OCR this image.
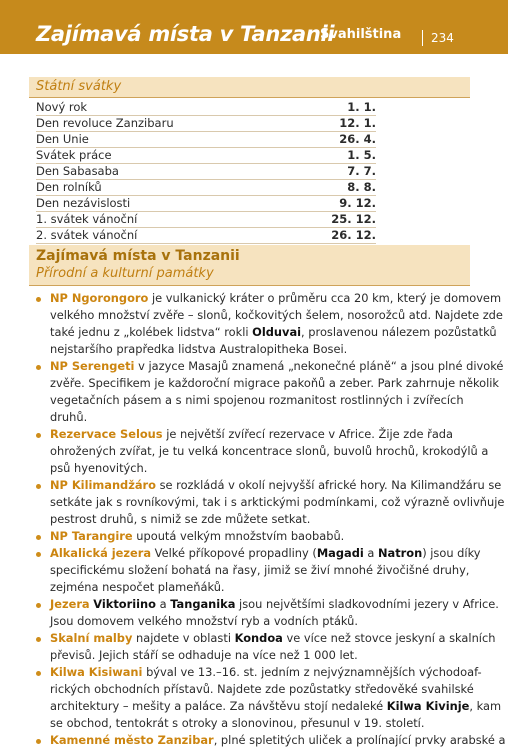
Zajímavá místa v Tanzanii
Svahilština 234
Státní svátky
Nový rok	1. 1.
Den revoluce Zanzibaru	12. 1.
Den Unie	26. 4.
Svátek práce	1. 5.
Den Sabasaba	7. 7.
Den rolníků	8. 8.
Den nezávislosti	9. 12.
1. svátek vánoční	25. 12.
2. svátek vánoční	26. 12.
Zajímavá místa v Tanzanii
Přírodní a kulturní památky
NP Ngorongoro je vulkanický kráter o průměru cca 20 km, který je domovem
velkého množství zvěře – slonů, kočkovitých šelem, nosorožců atd. Najdete zde
také jednu z „kolébek lidstva“ rokli Olduvai, proslavenou nálezem pozůstatků
nejstaršího prapředka lidstva Australopitheka Bosei.
NP Serengeti v jazyce Masajů znamená „nekonečné pláně“ a jsou plné divoké
zvěře. Specifikem je každoroční migrace pakoňů a zeber. Park zahrnuje několik
vegetačních pásem a s nimi spojenou rozmanitost rostlinných i zvířecích
druhů.
Rezervace Selous je největší zvířecí rezervace v Africe. Žije zde řada
ohrožených zvířat, je tu velká koncentrace slonů, buvolů hrochů, krokodýlů a
psů hyenovitých.
NP Kilimandžáro se rozkládá v okolí nejvyšší africké hory. Na Kilimandžáru se
setkáte jak s rovníkovými, tak i s arktickými podmínkami, což výrazně ovlivňuje
pestrost druhů, s nimiž se zde můžete setkat.
NP Tarangire upoutá velkým množstvím baobabů.
Alkalická jezera Velké příkopové propadliny (Magadi a Natron) jsou díky
specifickému složení bohatá na řasy, jimiž se živí mnohé živočišné druhy,
zejména nespočet plameňáků.
Jezera Viktoriino a Tanganika jsou největšími sladkovodními jezery v Africe.
Jsou domovem velkého množství ryb a vodních ptáků.
Skalní malby najdete v oblasti Kondoa ve více než stovce jeskyní a skalních
převisů. Jejich stáří se odhaduje na více než 1 000 let.
Kilwa Kisiwani býval ve 13.–16. st. jedním z nejvýznamnějších východoaf-
rických obchodních přístavů. Najdete zde pozůstatky středověké svahilské
architektury – mešity a paláce. Za návštěvu stojí nedaleké Kilwa Kivinje, kam
se obchod, tentokrát s otroky a slonovinou, přesunul v 19. století.
Kamenné město Zanzibar, plné spletitých uliček a prolínající prvky arabské a
